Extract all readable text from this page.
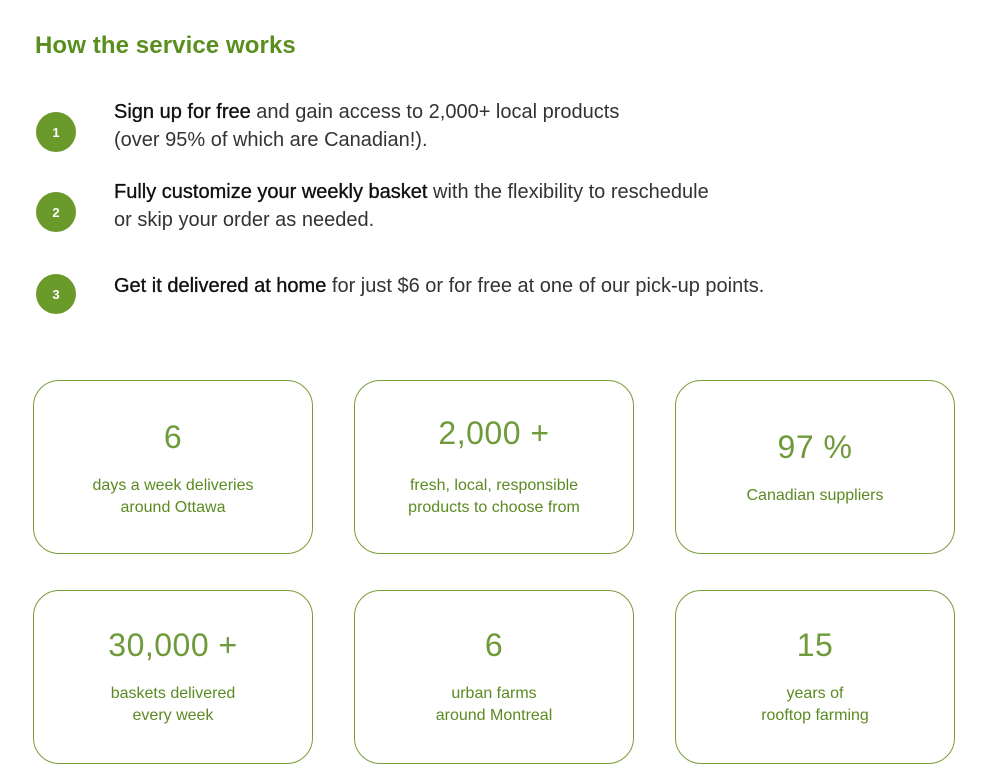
How the service works
1
Sign up for free and gain access to 2,000+ local products
(over 95% of which are Canadian!).
2
Fully customize your weekly basket with the flexibility to reschedule
or skip your order as needed.
3	Get it delivered at home for just $6 or for free at one of our pick-up points.
6
days a week deliveries
around Ottawa
2,000 +
fresh, local, responsible
products to choose from
97 %
Canadian suppliers
30,000 +
baskets delivered
every week
6
urban farms
around Montreal
15
years of
rooftop farming
